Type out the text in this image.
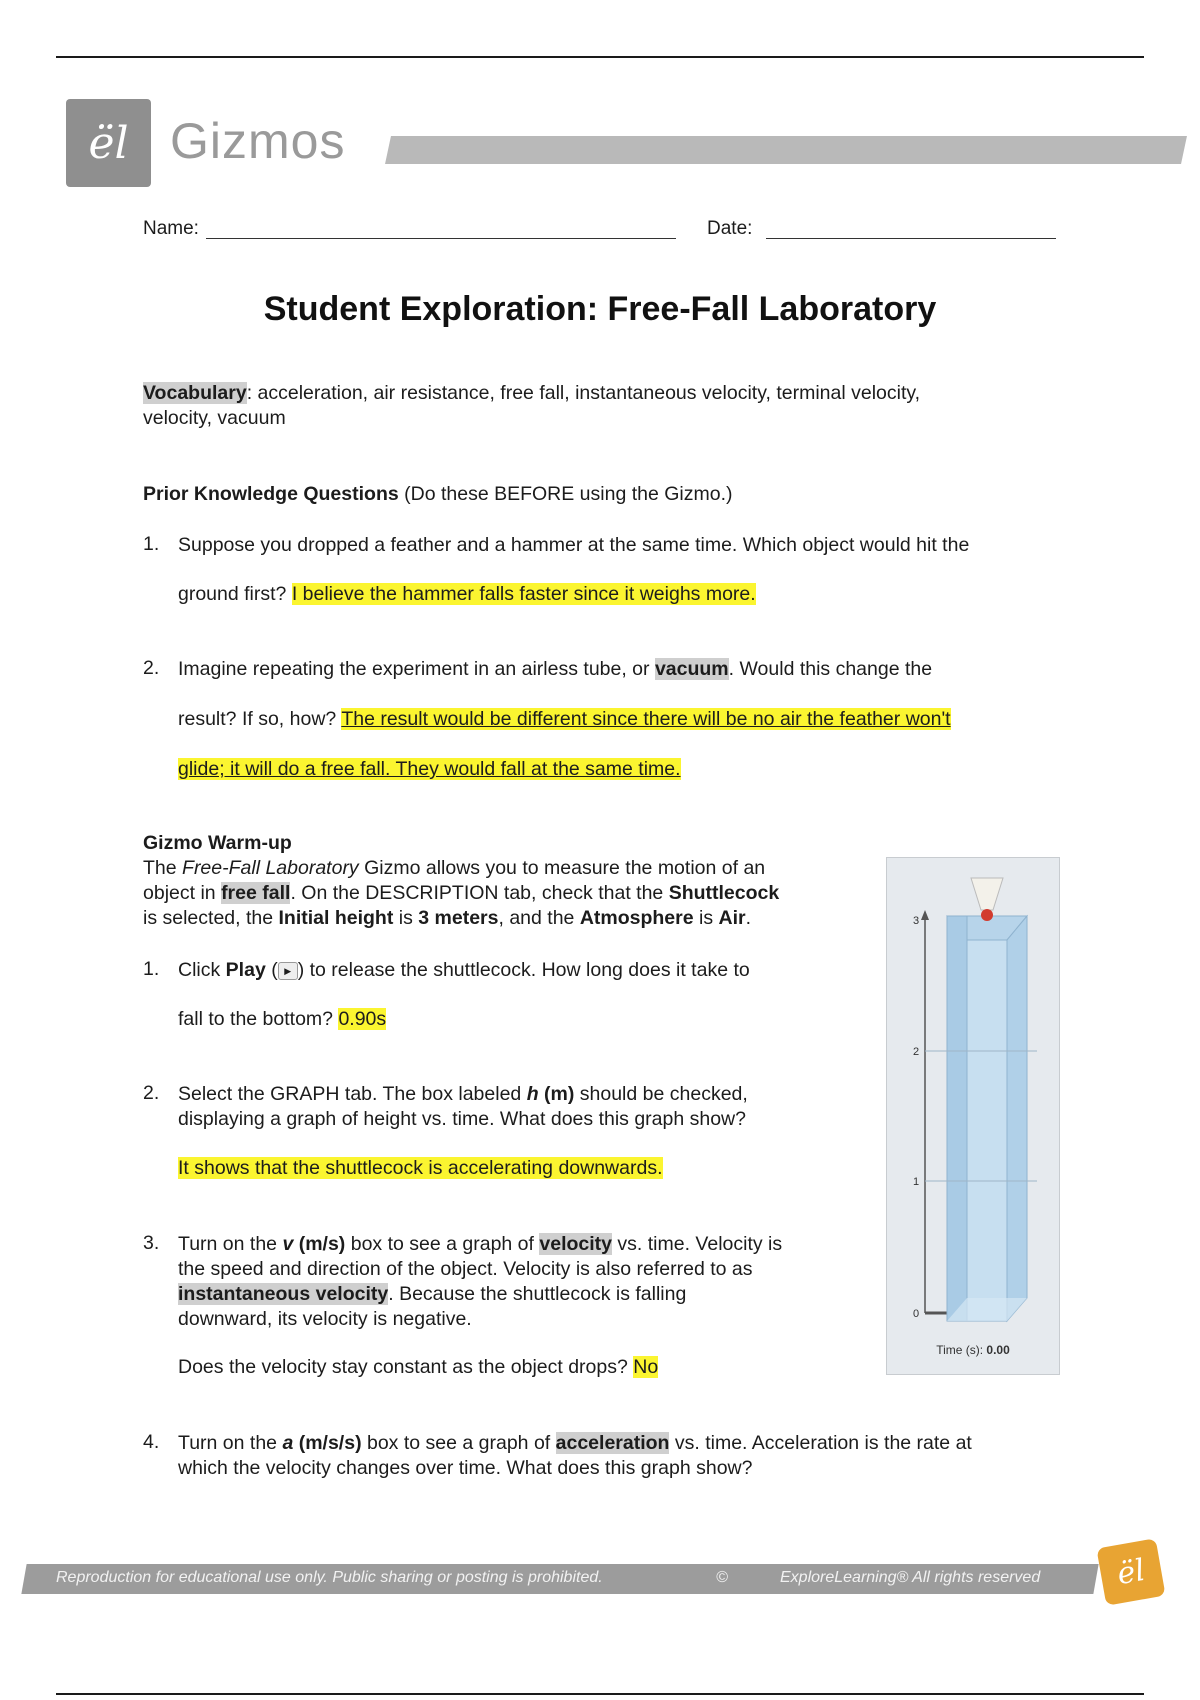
ël Gizmos
Name:	Date:
Student Exploration: Free-Fall Laboratory
Vocabulary: acceleration, air resistance, free fall, instantaneous velocity, terminal velocity,
velocity, vacuum
Prior Knowledge Questions (Do these BEFORE using the Gizmo.)
1. Suppose you dropped a feather and a hammer at the same time. Which object would hit the
ground first? I believe the hammer falls faster since it weighs more.
2. Imagine repeating the experiment in an airless tube, or vacuum. Would this change the
result? If so, how? The result would be different since there will be no air the feather won't
glide; it will do a free fall. They would fall at the same time.
Gizmo Warm-up
The Free-Fall Laboratory Gizmo allows you to measure the motion of an
object in free fall. On the DESCRIPTION tab, check that the Shuttlecock
is selected, the Initial height is 3 meters, and the Atmosphere is Air.
1. Click Play ( ▶ ) to release the shuttlecock. How long does it take to
fall to the bottom? 0.90s
2. Select the GRAPH tab. The box labeled h (m) should be checked,
displaying a graph of height vs. time. What does this graph show?
It shows that the shuttlecock is accelerating downwards.
3. Turn on the v (m/s) box to see a graph of velocity vs. time. Velocity is
the speed and direction of the object. Velocity is also referred to as
instantaneous velocity. Because the shuttlecock is falling
downward, its velocity is negative.
Does the velocity stay constant as the object drops? No
4. Turn on the a (m/s/s) box to see a graph of acceleration vs. time. Acceleration is the rate at
which the velocity changes over time. What does this graph show?
3
2
1
0
Time (s): 0.00
Reproduction for educational use only. Public sharing or posting is prohibited.	©	ExploreLearning® All rights reserved ël
